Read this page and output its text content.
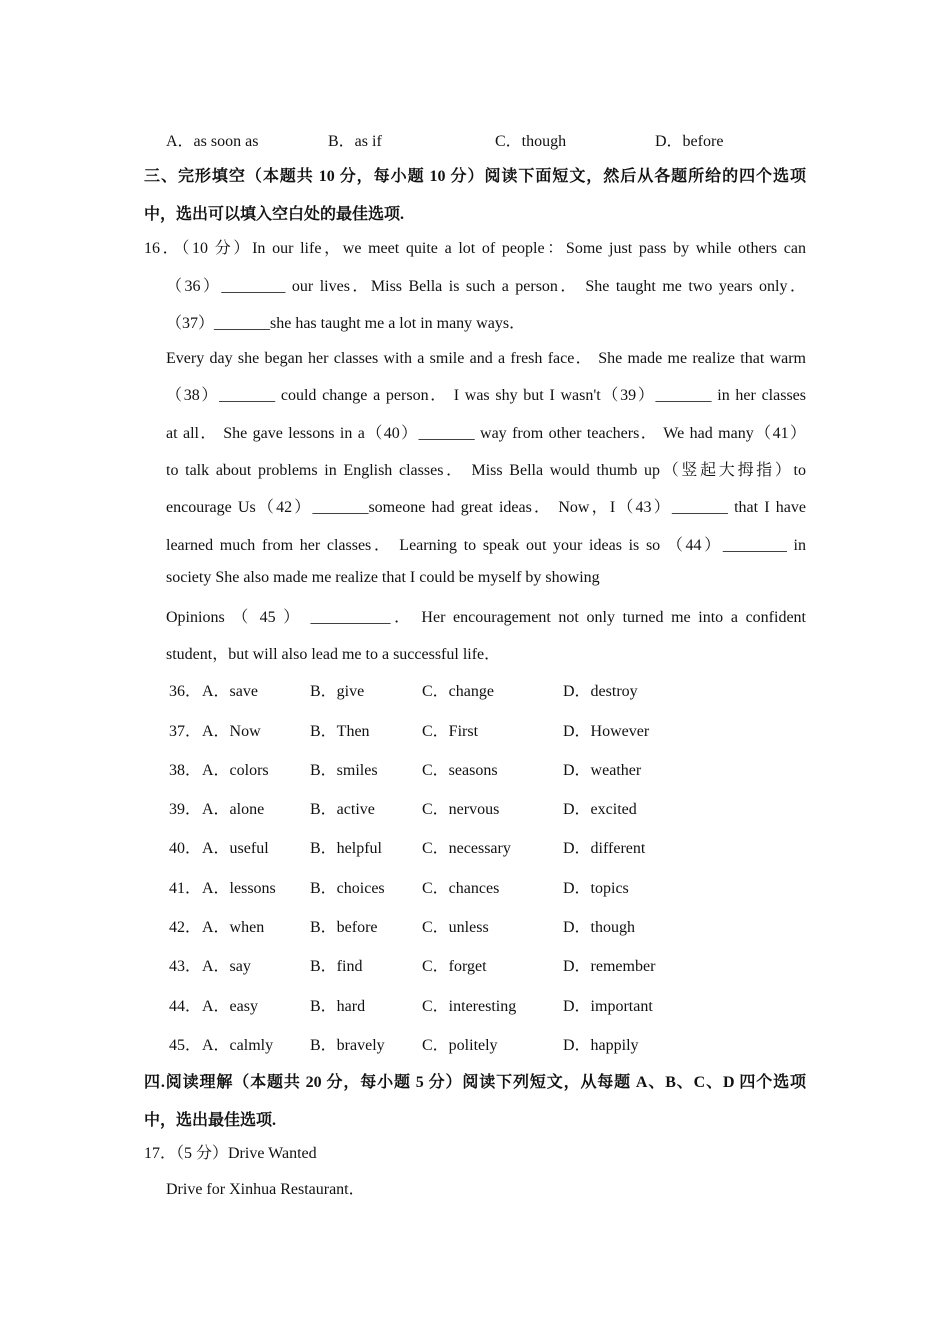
A．as soon as	B．as if	C．though	D．before
三、完形填空（本题共 10 分，每小题 10 分）阅读下面短文，然后从各题所给的四个选项
中，选出可以填入空白处的最佳选项.
16．（10 分）In our life，we meet quite a lot of people：Some just pass by while others can
（36）________ our lives．Miss Bella is such a person． She taught me two years only．
（37）_______she has taught me a lot in many ways．
Every day she began her classes with a smile and a fresh face． She made me realize that warm
（38）_______ could change a person． I was shy but I wasn't（39）_______ in her classes
at all． She gave lessons in a（40）_______ way from other teachers． We had many（41）
to talk about problems in English classes． Miss Bella would thumb up（竖起大拇指）to
encourage Us（42）_______someone had great ideas． Now，I（43）_______ that I have
learned much from her classes． Learning to speak out your ideas is so （44）________ in
society She also made me realize that I could be myself by showing
Opinions （ 45 ） __________． Her encouragement not only turned me into a confident
student，but will also lead me to a successful life．
36． A．save	B．give	C．change	D．destroy
37． A．Now	B．Then	C．First	D．However
38． A．colors	B．smiles	C．seasons	D．weather
39． A．alone	B．active	C．nervous	D．excited
40． A．useful	B．helpful	C．necessary	D．different
41． A．lessons B．choices C．chances	D．topics
42． A．when	B．before	C．unless	D．though
43． A．say	B．find	C．forget	D．remember
44． A．easy	B．hard	C．interesting	D．important
45． A．calmly B．bravely C．politely	D．happily
四.阅读理解（本题共 20 分，每小题 5 分）阅读下列短文，从每题 A、B、C、D 四个选项
中，选出最佳选项.
17．（5 分）Drive Wanted
Drive for Xinhua Restaurant．
